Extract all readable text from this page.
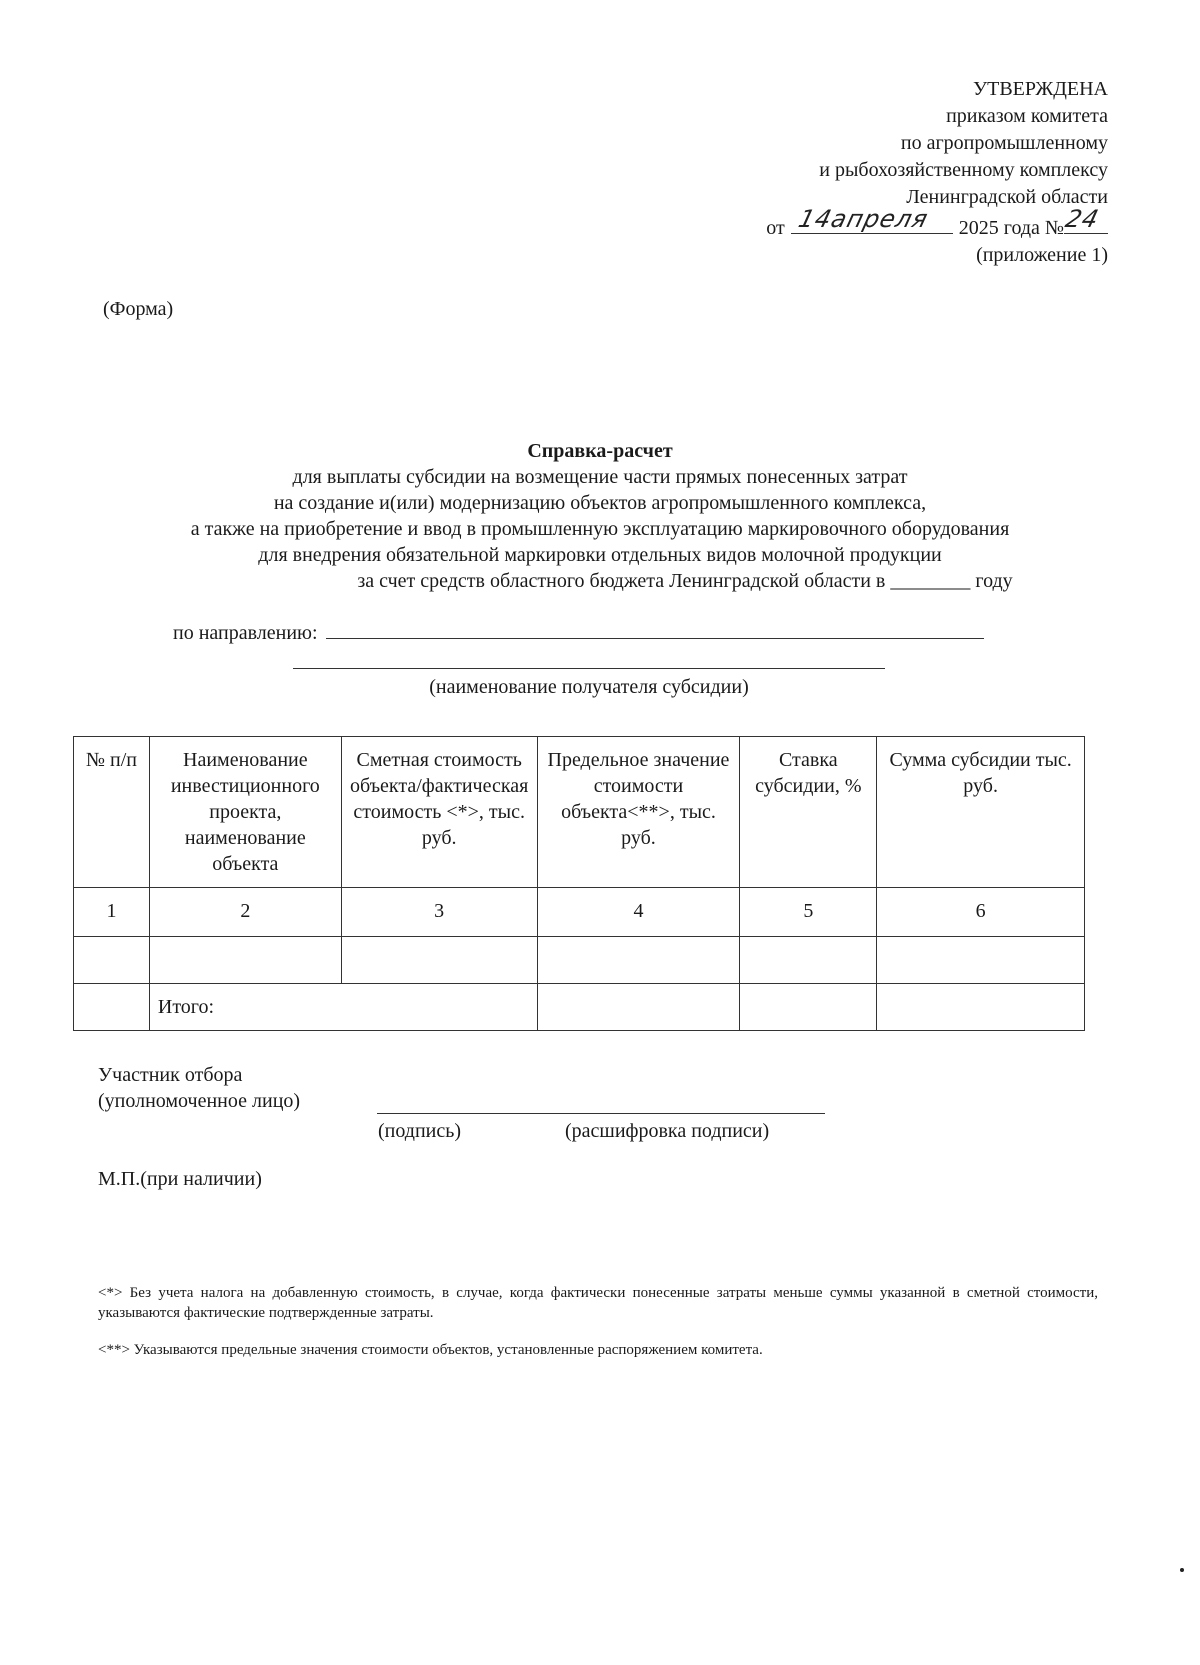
УТВЕРЖДЕНА
приказом комитета
по агропромышленному
и рыбохозяйственному комплексу
Ленинградской области
от 14апреля 2025 года №
24
(приложение 1)
(Форма)
Справка-расчет
для выплаты субсидии на возмещение части прямых понесенных затрат
на создание и(или) модернизацию объектов агропромышленного комплекса,
а также на приобретение и ввод в промышленную эксплуатацию маркировочного оборудования
для внедрения обязательной маркировки отдельных видов молочной продукции
за счет средств областного бюджета Ленинградской области в ________ году
по направлению:
(наименование получателя субсидии)
№ п/п	Наименование инвестиционного проекта, наименование объекта	Сметная стоимость объекта/фактическая стоимость <*>, тыс. руб.	Предельное значение стоимости объекта<**>, тыс. руб.	Ставка субсидии, %	Сумма субсидии тыс. руб.
1	2	3	4	5	6

	Итого:				
Участник отбора
(уполномоченное лицо)
(подпись)	(расшифровка подписи)
М.П.(при наличии)
<*> Без учета налога на добавленную стоимость, в случае, когда фактически понесенные затраты меньше суммы указанной в сметной стоимости, указываются фактические подтвержденные затраты.
<**> Указываются предельные значения стоимости объектов, установленные распоряжением комитета.
